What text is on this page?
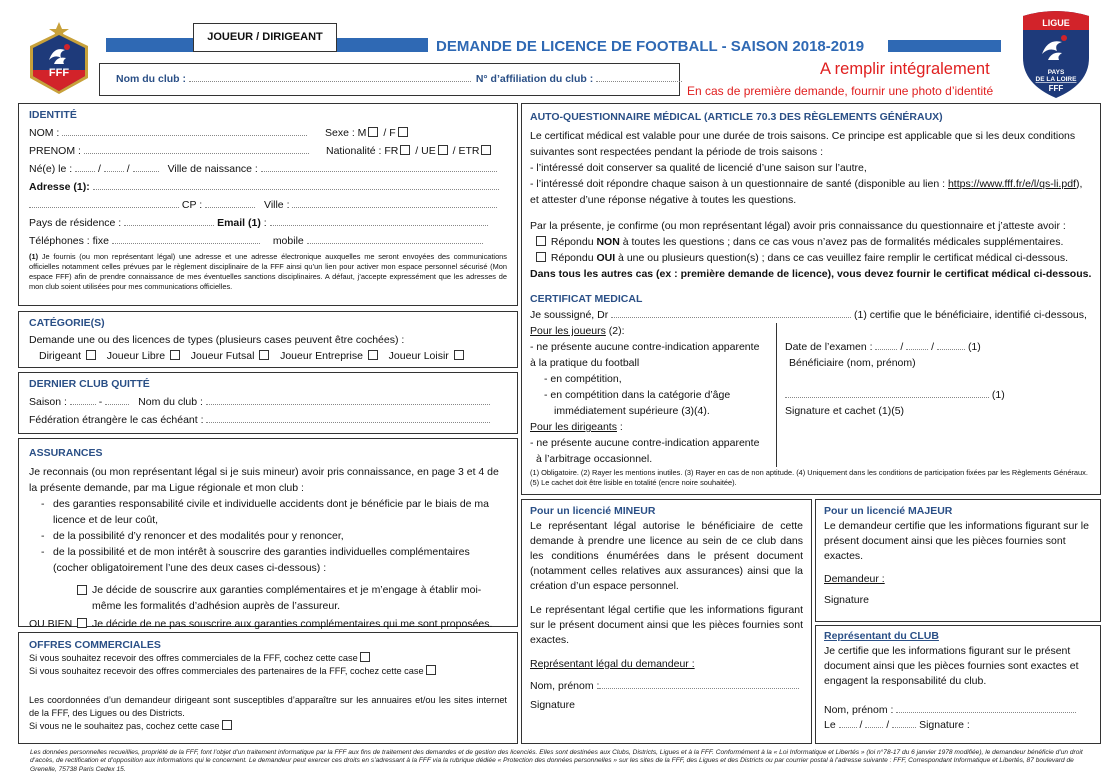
FFF
JOUEUR / DIRIGEANT
DEMANDE DE LICENCE DE FOOTBALL - SAISON 2018-2019
Nom du club :	N° d’affiliation du club :
A remplir intégralement
En cas de première demande, fournir une photo d’identité
LIGUE
PAYS
DE LA LOIRE
FFF
IDENTITÉ
NOM :	Sexe : M / F
PRENOM :	Nationalité : FR / UE / ETR
Né(e) le : / /	Ville de naissance :
Adresse (1):
CP :	Ville :
Pays de résidence :	Email (1) :
Téléphones : fixe	mobile
(1) Je fournis (ou mon représentant légal) une adresse et une adresse électronique auxquelles me seront envoyées des communications officielles notamment celles prévues par le règlement disciplinaire de la FFF ainsi qu’un lien pour activer mon espace personnel sécurisé (Mon espace FFF) afin de prendre connaissance de mes éventuelles sanctions disciplinaires. A défaut, j’accepte expressément que les adresses de mon club soient utilisées pour mes communications officielles.
CATÉGORIE(S)
Demande une ou des licences de types (plusieurs cases peuvent être cochées) :
Dirigeant Joueur Libre Joueur Futsal Joueur Entreprise Joueur Loisir
DERNIER CLUB QUITTÉ
Saison :	-	Nom du club :
Fédération étrangère le cas échéant :
ASSURANCES
Je reconnais (ou mon représentant légal si je suis mineur) avoir pris connaissance, en page 3 et 4 de la présente demande, par ma Ligue régionale et mon club :
- des garanties responsabilité civile et individuelle accidents dont je bénéficie par le biais de ma licence et de leur coût,
- de la possibilité d’y renoncer et des modalités pour y renoncer,
- de la possibilité et de mon intérêt à souscrire des garanties individuelles complémentaires (cocher obligatoirement l’une des deux cases ci-dessous) :
Je décide de souscrire aux garanties complémentaires et je m’engage à établir moi-même les formalités d’adhésion auprès de l’assureur.
OU BIEN Je décide de ne pas souscrire aux garanties complémentaires qui me sont proposées.
OFFRES COMMERCIALES
Si vous souhaitez recevoir des offres commerciales de la FFF, cochez cette case
Si vous souhaitez recevoir des offres commerciales des partenaires de la FFF, cochez cette case
Les coordonnées d’un demandeur dirigeant sont susceptibles d’apparaître sur les annuaires et/ou les sites internet de la FFF, des Ligues ou des Districts.
Si vous ne le souhaitez pas, cochez cette case
AUTO-QUESTIONNAIRE MÉDICAL (ARTICLE 70.3 DES RÈGLEMENTS GÉNÉRAUX)
Le certificat médical est valable pour une durée de trois saisons. Ce principe est applicable que si les deux conditions suivantes sont respectées pendant la période de trois saisons :
- l’intéressé doit conserver sa qualité de licencié d’une saison sur l’autre,
- l’intéressé doit répondre chaque saison à un questionnaire de santé (disponible au lien : https://www.fff.fr/e/l/qs-li.pdf), et attester d’une réponse négative à toutes les questions.
Par la présente, je confirme (ou mon représentant légal) avoir pris connaissance du questionnaire et j’atteste avoir :
Répondu NON à toutes les questions ; dans ce cas vous n’avez pas de formalités médicales supplémentaires.
Répondu OUI à une ou plusieurs question(s) ; dans ce cas veuillez faire remplir le certificat médical ci-dessous.
Dans tous les autres cas (ex : première demande de licence), vous devez fournir le certificat médical ci-dessous.
CERTIFICAT MEDICAL
Je soussigné, Dr	(1) certifie que le bénéficiaire, identifié ci-dessous,
Pour les joueurs (2):
- ne présente aucune contre-indication apparente
à la pratique du football
- en compétition,
- en compétition dans la catégorie d’âge
immédiatement supérieure (3)(4).
Pour les dirigeants :
- ne présente aucune contre-indication apparente
à l’arbitrage occasionnel.
Date de l’examen :  /  /	(1)
Bénéficiaire (nom, prénom)
(1)
Signature et cachet (1)(5)
(1) Obligatoire. (2) Rayer les mentions inutiles. (3) Rayer en cas de non aptitude. (4) Uniquement dans les conditions de participation fixées par les Règlements Généraux. (5) Le cachet doit être lisible en totalité (encre noire souhaitée).
Pour un licencié MINEUR
Le représentant légal autorise le bénéficiaire de cette demande à prendre une licence au sein de ce club dans les conditions énumérées dans le présent document (notamment celles relatives aux assurances) ainsi que la création d’un espace personnel.
Le représentant légal certifie que les informations figurant sur le présent document ainsi que les pièces fournies sont exactes.
Représentant légal du demandeur :
Nom, prénom :
Signature
Pour un licencié MAJEUR
Le demandeur certifie que les informations figurant sur le présent document ainsi que les pièces fournies sont exactes.
Demandeur :
Signature
Représentant du CLUB
Je certifie que les informations figurant sur le présent document ainsi que les pièces fournies sont exactes et engagent la responsabilité du club.
Nom, prénom :
Le  /  /	Signature :
Les données personnelles recueillies, propriété de la FFF, font l’objet d’un traitement informatique par la FFF aux fins de traitement des demandes et de gestion des licenciés. Elles sont destinées aux Clubs, Districts, Ligues et à la FFF. Conformément à la « Loi Informatique et Libertés » (loi n°78-17 du 6 janvier 1978 modifiée), le demandeur bénéficie d’un droit d’accès, de rectification et d’opposition aux informations qui le concernent. Le demandeur peut exercer ces droits en s’adressant à la FFF via la rubrique dédiée « Protection des données personnelles » sur les sites de la FFF, des Ligues et des Districts ou par courrier postal à l’adresse suivante : FFF, Correspondant Informatique et Libertés, 87 boulevard de Grenelle, 75738 Paris Cedex 15.
